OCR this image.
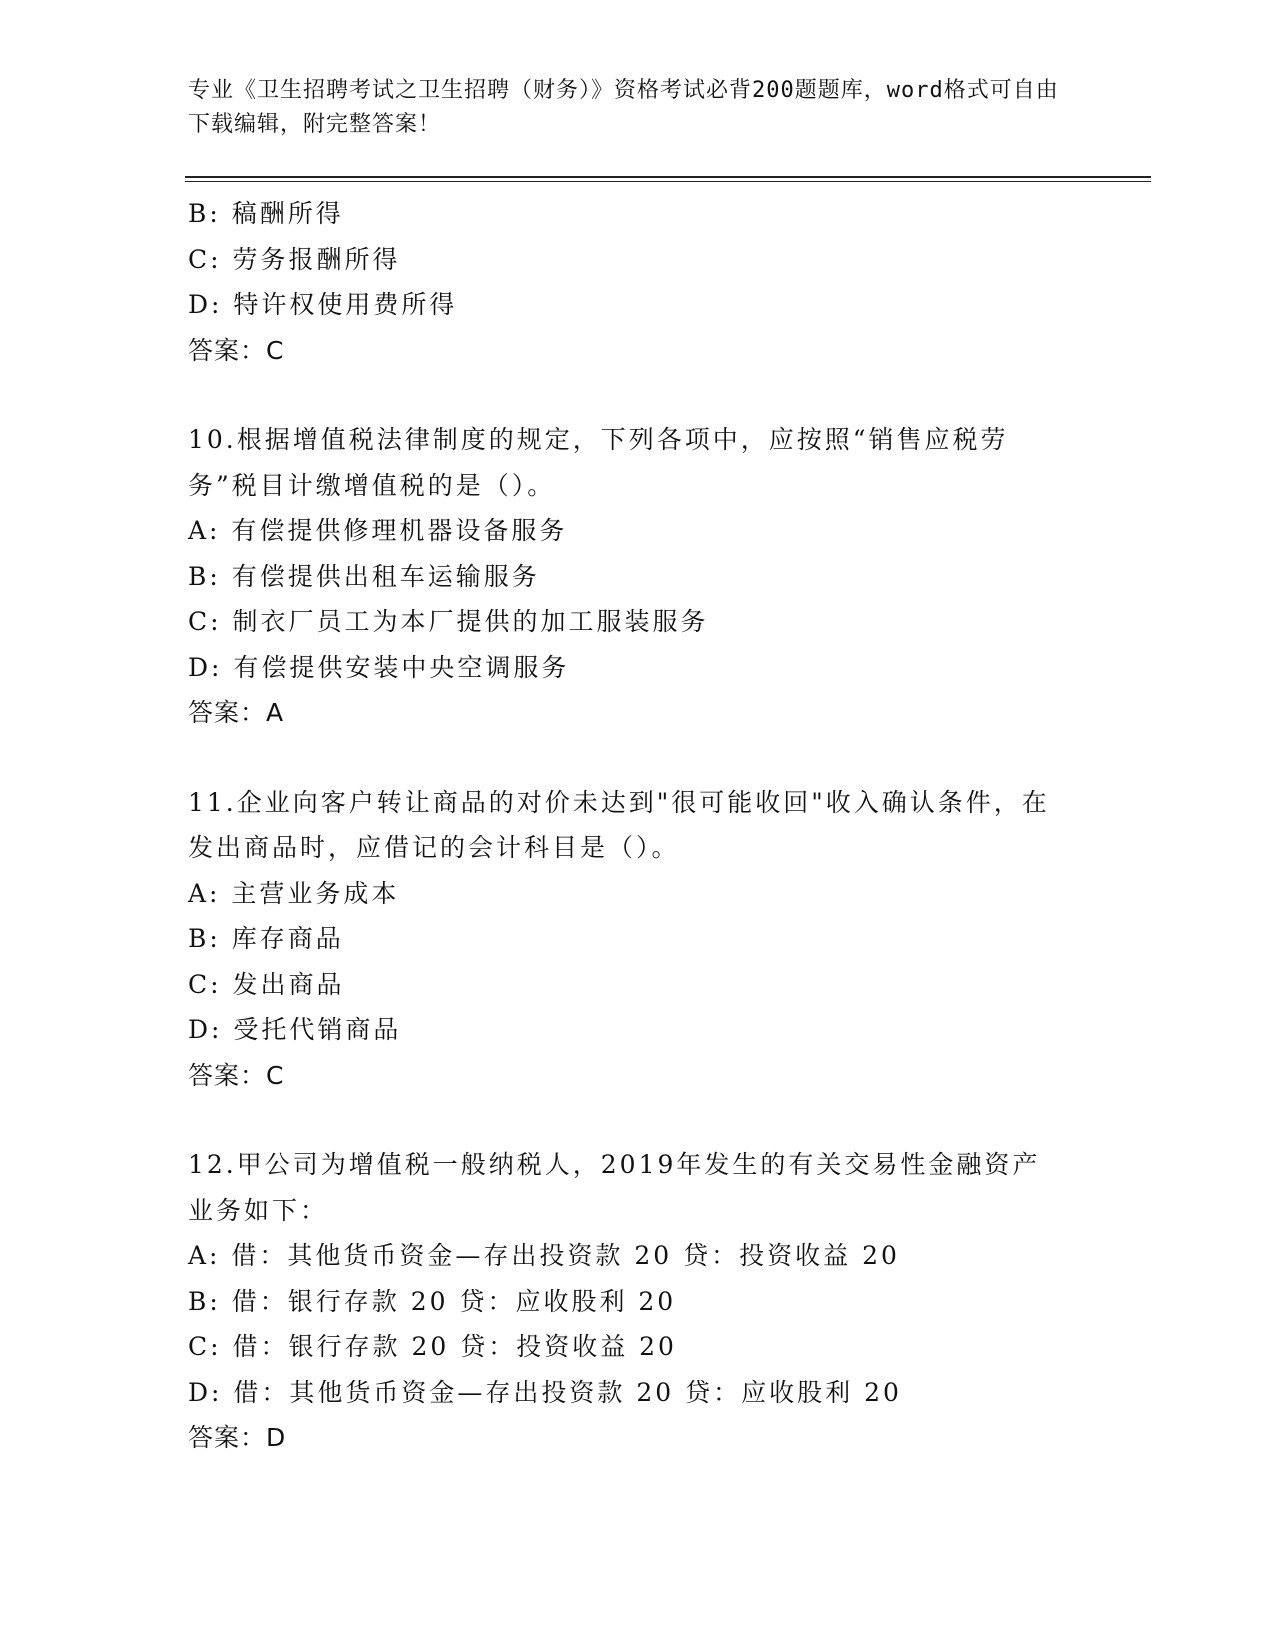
专业《卫生招聘考试之卫生招聘（财务）》资格考试必背200题题库，word格式可自由下载编辑，附完整答案！

B: 稿酬所得
C: 劳务报酬所得
D: 特许权使用费所得
答案：C
10.根据增值税法律制度的规定，下列各项中，应按照“销售应税劳务”税目计缴增值税的是（）。
A: 有偿提供修理机器设备服务
B: 有偿提供出租车运输服务
C: 制衣厂员工为本厂提供的加工服装服务
D: 有偿提供安装中央空调服务
答案：A
11.企业向客户转让商品的对价未达到"很可能收回"收入确认条件，在发出商品时，应借记的会计科目是（）。
A: 主营业务成本
B: 库存商品
C: 发出商品
D: 受托代销商品
答案：C
12.甲公司为增值税一般纳税人，2019年发生的有关交易性金融资产业务如下：
A: 借：其他货币资金—存出投资款 20 贷：投资收益 20
B: 借：银行存款 20 贷：应收股利 20
C: 借：银行存款 20 贷：投资收益 20
D: 借：其他货币资金—存出投资款 20 贷：应收股利 20
答案：D
